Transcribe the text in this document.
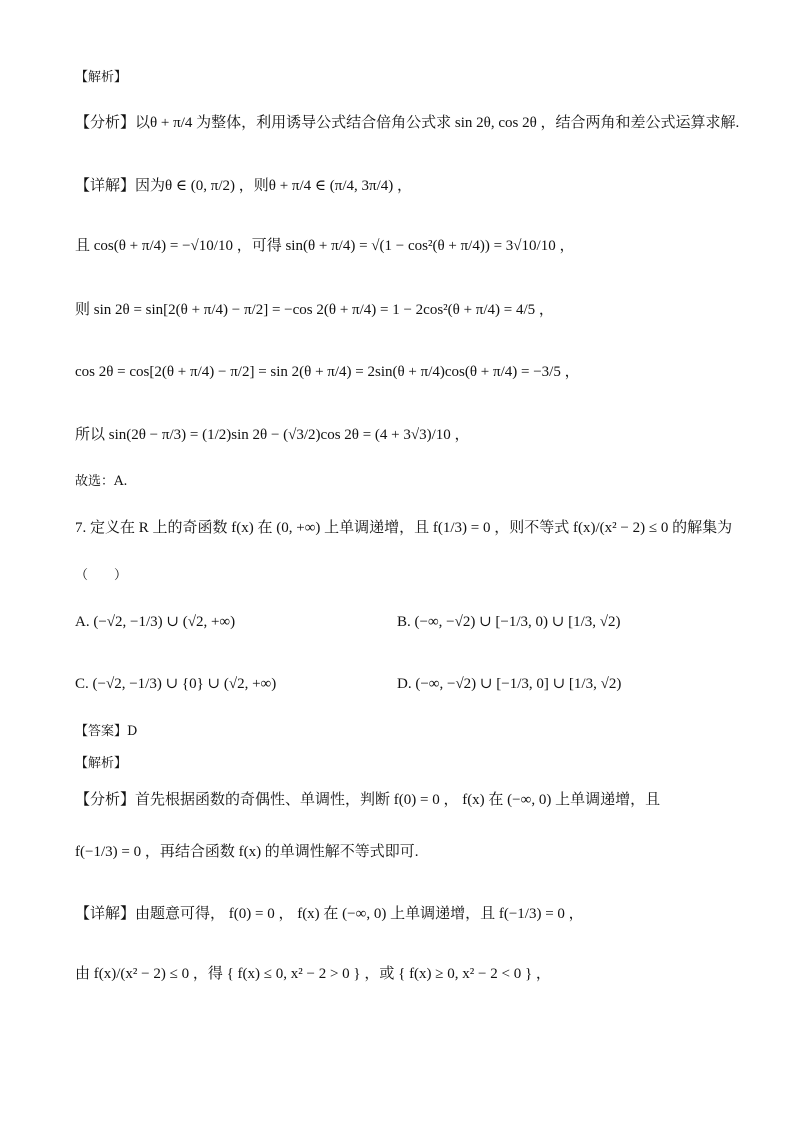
【解析】
【分析】以θ + π/4 为整体，利用诱导公式结合倍角公式求 sin 2θ, cos 2θ ，结合两角和差公式运算求解.
【详解】因为θ ∈ (0, π/2) ，则θ + π/4 ∈ (π/4, 3π/4) ，
且 cos(θ + π/4) = −√10/10 ，可得 sin(θ + π/4) = √(1 − cos²(θ + π/4)) = 3√10/10 ，
则 sin 2θ = sin[2(θ + π/4) − π/2] = −cos 2(θ + π/4) = 1 − 2cos²(θ + π/4) = 4/5 ，
cos 2θ = cos[2(θ + π/4) − π/2] = sin 2(θ + π/4) = 2sin(θ + π/4)cos(θ + π/4) = −3/5 ，
所以 sin(2θ − π/3) = (1/2)sin 2θ − (√3/2)cos 2θ = (4 + 3√3)/10 ，
故选：A.
7. 定义在 R 上的奇函数 f(x) 在 (0, +∞) 上单调递增，且 f(1/3) = 0 ，则不等式 f(x)/(x² − 2) ≤ 0 的解集为
（　　）
A. (−√2, −1/3) ∪ (√2, +∞)	B. (−∞, −√2) ∪ [−1/3, 0) ∪ [1/3, √2)
C. (−√2, −1/3) ∪ {0} ∪ (√2, +∞)	D. (−∞, −√2) ∪ [−1/3, 0] ∪ [1/3, √2)
【答案】D
【解析】
【分析】首先根据函数的奇偶性、单调性，判断 f(0) = 0 ， f(x) 在 (−∞, 0) 上单调递增，且
f(−1/3) = 0 ，再结合函数 f(x) 的单调性解不等式即可.
【详解】由题意可得， f(0) = 0 ， f(x) 在 (−∞, 0) 上单调递增，且 f(−1/3) = 0 ，
由 f(x)/(x² − 2) ≤ 0 ，得 { f(x) ≤ 0, x² − 2 > 0 } ，或 { f(x) ≥ 0, x² − 2 < 0 } ，
